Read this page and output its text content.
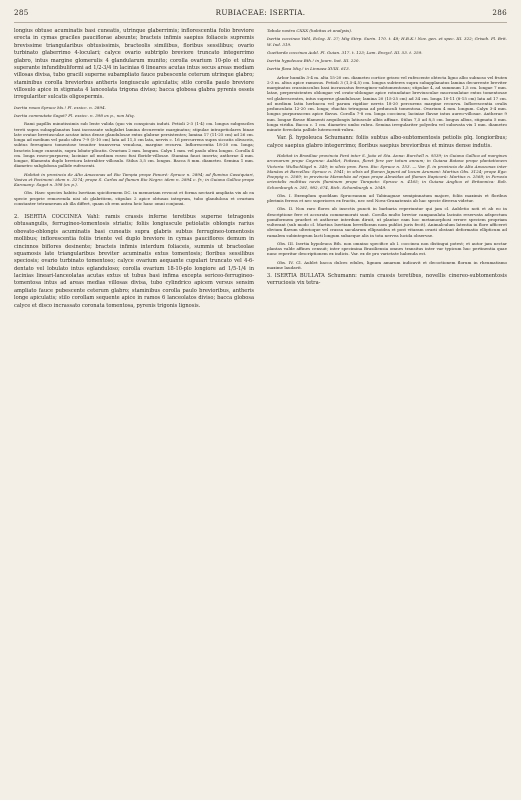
285	RUBIACEAE: ISERTIA.	286

longius obtuse acuminatis basi cuneatis, utrinque glaberrimis; inflorescentia folio breviore erecta in cymas graciles pauciflorae abeunte; bracteis infimis saepius foliaceis supremis brevissime triangularibus obtusissimis, bracteolis similibus, floribus sessilibus; ovario turbinato glaberrimo 4-loculari; calyce ovario subtriplo breviore truncato integerrimo glabro, intus margine glomerulis 4 glandularum munito; corolla ovarium 10-plo et ultra superante infundibuliformi ad 1/2-3/4 in lacinias 6 lineares acutas intus secus areas mediam villosas divisa, tubo gracili superne subampliato fauce pubescente ceterum utrinque glabro; staminibus corolla breviorbus antheris longiuscule apiculatis; stilo corolla paulo breviore villosulo apice in stigmata 4 lanceolata trigona diviso; bacca globosa glabra pyrenis osseis irregulariter sulcatis oligospermis.

Isertia rosea Spruce Ms.! Pl. exsicc. n. 2894.

Isertia commutata Sagot? Pl. exsicc. n. 398 ex p., non Miq.

Rami papillis minutissimis sub lente valida (quo vix conspicuis induti. Petioli 2-3 (1-4) cm. longus subgraciles tereti supra subapplanatus basi incrassate subglabri lamina decurrente marginatus; stipulae intrapetiolares binae late ovatae breviusculae acutae intus dense glandulosae extus glabrae persistentes; lamina 17 (11-25 cm) ad 26 cm. longa ad medium vel paulo ultra 7-9 (5-10 cm) lata ad 11,5 cm lata, nervis c. 16 percurrens supra siccatis olivaceis, subtus ferrugineo tomentose tenuiter transversa venulosa, margine recurva. Inflorescentia 18-20 cm. longa; bracteis longe cuneatis, supra lobato-plicatis. Ovarium 2 mm. longum. Calyx 1 mm. vel paulo ultra longus. Corolla 4 cm. longa roseo-purpurea; laciniae ad medium roseo fusi floride-villosae. Stamina fauci inserta; antherae 4 mm. longae, filamenta duplo breviora lateraliter villosulo. Stilus 3,5 cm. longus. Bacca 8 mm. diametro. Semina 1 mm. diametro subglobosa pallide rufescenti.

Habitat in provincia de Alto Amazonas ad Rio Tampia prope Panuré: Spruce n. 2894; ad flumina Cassiquiari, Vasiva et Pacimoni: idem n. 3274; prope S. Carlos ad flumen Rio Negro: idem n. 2894 c. fr.; in Guiana Gallica prope Karouany: Sagot n. 398 (ex p.).

Obs. Haec species habitu Isertiam spiciformem DC. in memoriam revocat et forma nectarii ampliata vix ab ea specie proprie removenda nisi ob glabritiem, stipulas 2 apice obtusas integrum, tubo glandulosa et ovarium constanter tetramerum ab illa differt, quam ob rem antea heic hanc omni conjunxi.

2. ISERTIA COCCINEA Vahl: ramis crassis inferne teretibus superne tetragonis obtusangulis, ferrugineo-tomentosis striatis; foliis longiuscule petiolatis oblongis rarius obovato-oblongis acuminatis basi cuneatis supra glabris subtus ferrugineo-tomentosis mollibus; inflorescentia foliis triente vel duplo breviore in cymas pauciflores demum in cincinnos biflores desinente; bracteis infimis interdum foliaceis, summis ut bracteolae squamosis late triangularibus breviter acuminatis extus tomentosis; floribus sessilibus speciosis; ovario turbinato tomentoso; calyce ovarium aequante cupulari truncato vel 4-6-dentato vel lobulato intus eglanduloso; corolla ovarium 18-10-plo longiore ad 1/5-1/4 in lacinias lineari-lanceolatas acutas extus ut tubus basi infima excepta sericeo-ferrugineo-tomentosa intus ad areas medias villosas divisa, tubo cylindrico apicem versus sensim ampliato fauce pubescente ceterum glabro; staminibus corolla paulo brevioribus, antheris longe apiculatis; stilo corollam sequente apice in ramos 6 lanceolatos diviso; bacca globosa calyce et disco incrassato coronata tomentosa, pyrenis trigonis lignosis.

Tabula nostra CXXX (habitus et analysis).

Isertia coccinea Vahl, Eclog. II. 27; Mig Stirp. Surin. 170. t. 48; H.B.K.! Nov. gen. et spec. III. 322; Griseb. Fl. Brit. W. Ind. 319.

Guettarda coccinea Aubl. Pl. Guian. 317. t. 123; Lam. Encycl. III. 53. t. 259.

Isertia hypoleuca Bth.! in Journ. bot. III. 220.

Isertia flava Miq.! in Linnaea XVIII. 613.

Arbor humilis 3-4 m. alta 15-20 cm. diametro cortice griseo vel rufescente obtecta ligno albo subnoso vel frutex 2-3 m. altus apice ramosus. Petioli 3 (1,5-4,5) cm. longus subteres supra subapplanatus lamina decurrente breviter marginatus crassiusculus basi incrassatus ferrugineo-subtomentosus; stipulae 4, ad summum 1,5 cm. longae 7 mm. latae, perpersistentes oblongae vel ovato-oblongae apice rotundatae breviusculae mucronulatae extus tomentosae vel glabrescentes, intus superne glandulosae; lamina 20 (15-25 cm) ad 34 cm. longa 10-11 (8-15 cm) lata ad 17 cm. ad medium latiu herbacea vel parum rigidior nervis 18-20 percurens margine recurva. Inflorescentia ovalis pedunculata 12-20 cm. longa; rhachis tetragona ad pedunculi tomentosa. Ovarium 4 mm. longum. Calyx 3-4 mm. longus purpurascens apice flavus. Corolla 7-8 cm. longa coccinea; laciniae flavae intus aureo-villosae. Antherae 9 mm. longae flavae filamenti aequilongis latiuscule albis affixae. Stilus 7,5 ad 8,5 cm. longus albus, stigmata 5 mm. longa viridia. Bacca c. 1 cm. diametro umbo rubra. Semina irregulariter polyedra vel subovata vix 1 mm. diametro minute foveolata pallide luteescenti-rubra.

Var. β. hypoleuca Schumann: foliis subtus albo-subtomentosis petiolis plq. longioribus; calyce saepius glabro integerrimo; floribus saepius brevioribus et minus dense indutis.

Habitat in Brasiliae provincia Pará inter S. João et Sta. Anna: Burchell n. 9339; in Guiana Gallica ad margines arcenarum prope Cayenne: Aublet, Poiteau, floret fere per totum annum; in Guiana Batava prope plantationem Victoria: Wullschlägel n. 349; in silvis prov. Para. Rio: Spruce n. 153. — Var. β. in provincia de Alto Amazonas inter Manáos et Barcellos: Spruce n. 1941; in silvis ad flumen Japurá ad locum Arumani: Martius Obs. 3124; prope Ega: Poeppig n. 2569; in provincia Maranhão ad ripas prope Almeidas ad flumen Itapicurú: Martius n. 2568; in Peruvia orientalis multitus novis fluminum prope Tarapoto: Spruce n. 4165; in Guiana Anglica et Britannica: Rob. Schomburgk n. 281, 982, 674, Rich. Schomburgk n. 2049.

Obs. I. Exemplum quoddam Spruceanum ad Tabinaguae semipinnatum majore, foliis maximis et floribus plerimis ferens et nec superiores ex fructis, nec sed Nova-Granatensis ab hac specie diversa videtur.

Obs. II. Non raro flores ab insectis puncti in barbaria reperiuntur qui jam cl. Aubletio noti et ab eo in descriptione fere et accurata commemorati sunt. Corolla multo brevior campanulata laciniis reservata adspectum pomiformem praebet et antherae interdum diruit, ut plantae eam hoc metamorphosi errore speciem propriam vulterant (sub modo cl. Martius Isertiam brevifloram nom publici juris fecit). Animalculum latentia in flore afficeret obvium flavum ulterioque vel crassa sacularum ellipsoidea et post vitaram ovarii obstant deformatio ellipticum ad ramalem subintegrum lacti longum subaeque alis in tota nervea lucida observae.

Obs. III. Isertia hypoleuca Bth. non omnino specifice ab I. coccinea non distingui potest; et autor jam nectar plantas valde affines censuit; inter specimina Brasiliensia omnes transitus inter var typicum huc pertinentia quae nunc reperitur descriptionem ex indicis. Var. ex de pro varietate habenda est.

Obs. IV. Cl. Aublet bacca dulces edules, lignum amarum indicavit et decoctionem florum in rheumatismo maxime laudavit.

3. ISERTIA BULLATA Schumann: ramis crassis teretibus, novellis cinereo-subtomentosis verruciosis vix tetra-
